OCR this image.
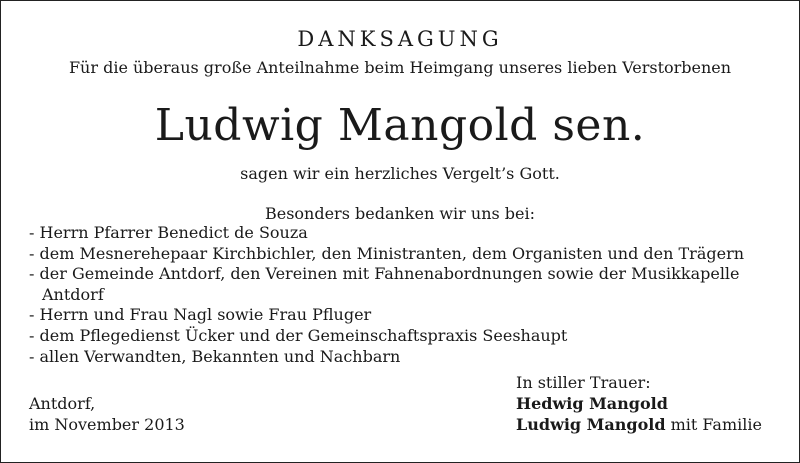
DANKSAGUNG
Für die überaus große Anteilnahme beim Heimgang unseres lieben Verstorbenen
Ludwig Mangold sen.
sagen wir ein herzliches Vergelt’s Gott.
Besonders bedanken wir uns bei:
- Herrn Pfarrer Benedict de Souza
- dem Mesnerehepaar Kirchbichler, den Ministranten, dem Organisten und den Trägern
- der Gemeinde Antdorf, den Vereinen mit Fahnenabordnungen sowie der Musikkapelle Antdorf
- Herrn und Frau Nagl sowie Frau Pfluger
- dem Pflegedienst Ücker und der Gemeinschaftspraxis Seeshaupt
- allen Verwandten, Bekannten und Nachbarn
Antdorf,
im November 2013
In stiller Trauer:
Hedwig Mangold
Ludwig Mangold mit Familie
